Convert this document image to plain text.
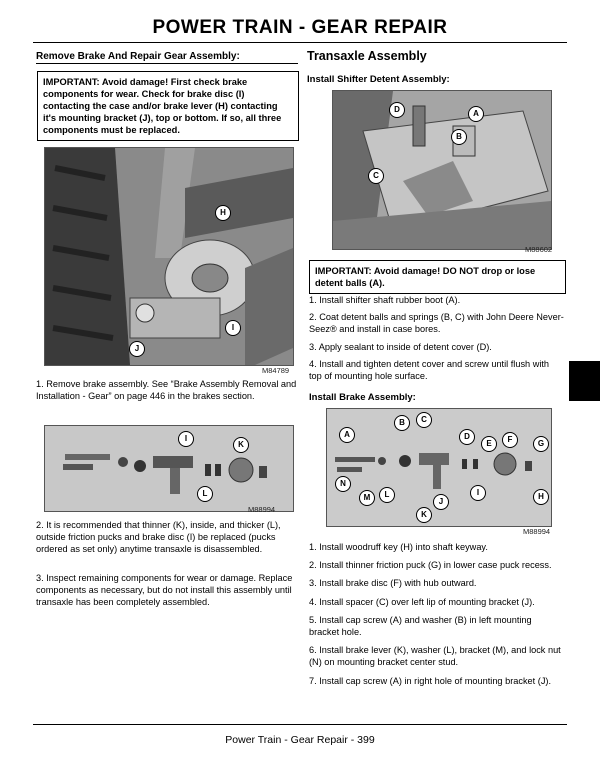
POWER TRAIN - GEAR REPAIR
Remove Brake And Repair Gear Assembly:
IMPORTANT: Avoid damage! First check brake components for wear. Check for brake disc (I) contacting the case and/or brake lever (H) contacting it's mounting bracket (J), top or bottom. If so, all three components must be replaced.
H
I
J
M84789
1. Remove brake assembly. See “Brake Assembly Removal and Installation - Gear” on page 446 in the brakes section.
I
K
L
M88994
2. It is recommended that thinner (K), inside, and thicker (L), outside friction pucks and brake disc (I) be replaced (pucks ordered as set only) anytime transaxle is disassembled.
3. Inspect remaining components for wear or damage. Replace components as necessary, but do not install this assembly until transaxle has been completely assembled.
Transaxle Assembly
Install Shifter Detent Assembly:
D	A
B
C
M88602
IMPORTANT: Avoid damage! DO NOT drop or lose detent balls (A).

1. Install shifter shaft rubber boot (A).

2. Coat detent balls and springs (B, C) with John Deere Never-Seez® and install in case bores.

3. Apply sealant to inside of detent cover (D).

4. Install and tighten detent cover and screw until flush with top of mounting hole surface.

Install Brake Assembly:
A
B	C
D
E	F	G
H
I
J
K
L
M
N
M88994

1. Install woodruff key (H) into shaft keyway.

2. Install thinner friction puck (G) in lower case puck recess.

3. Install brake disc (F) with hub outward.

4. Install spacer (C) over left lip of mounting bracket (J).

5. Install cap screw (A) and washer (B) in left mounting bracket hole.

6. Install brake lever (K), washer (L), bracket (M), and lock nut (N) on mounting bracket center stud.

7. Install cap screw (A) in right hole of mounting bracket (J).

Power Train - Gear Repair - 399
